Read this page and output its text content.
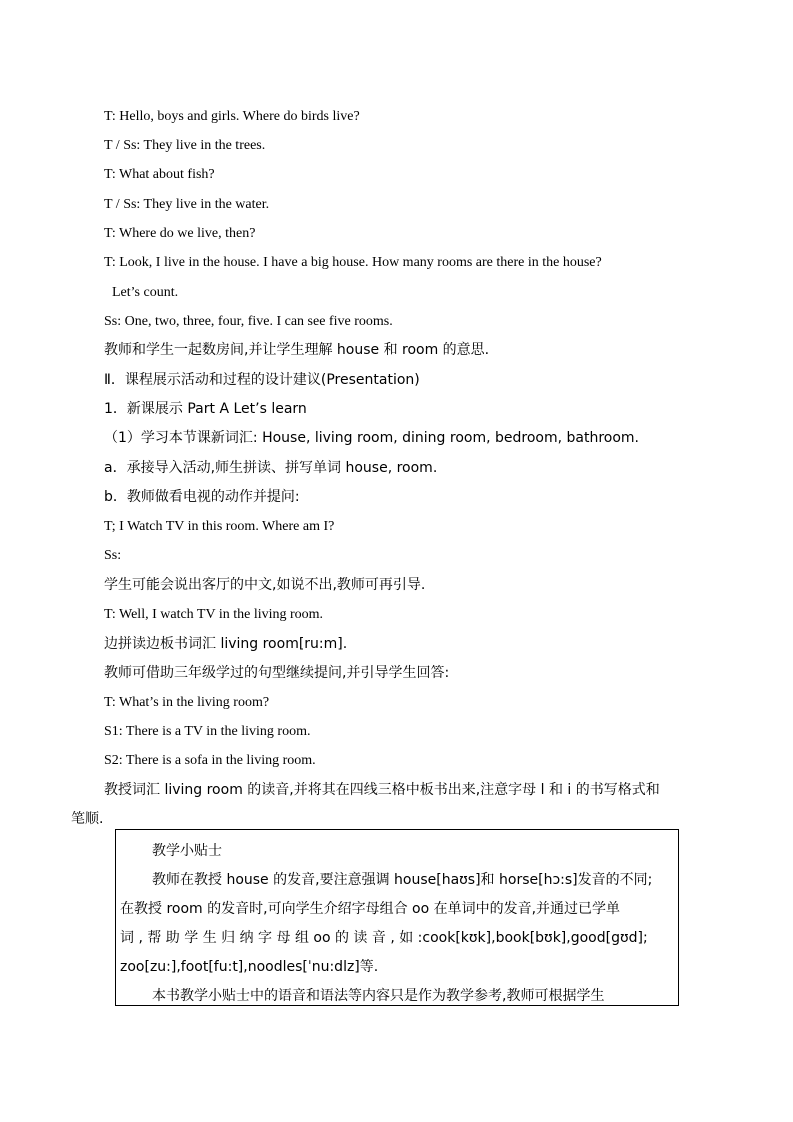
T: Hello, boys and girls. Where do birds live?
T / Ss: They live in the trees.
T: What about fish?
T / Ss: They live in the water.
T: Where do we live, then?
T: Look, I live in the house. I have a big house. How many rooms are there in the house?
Let’s count.
Ss: One, two, three, four, five. I can see five rooms.
教师和学生一起数房间,并让学生理解 house 和 room 的意思.
Ⅱ．课程展示活动和过程的设计建议(Presentation)
1．新课展示 Part A Let’s learn
（1）学习本节课新词汇: House, living room, dining room, bedroom, bathroom.
a．承接导入活动,师生拼读、拼写单词 house, room.
b．教师做看电视的动作并提问:
T; I Watch TV in this room. Where am I?
Ss:
学生可能会说出客厅的中文,如说不出,教师可再引导.
T: Well, I watch TV in the living room.
边拼读边板书词汇 living room[ru:m].
教师可借助三年级学过的句型继续提问,并引导学生回答:
T: What’s in the living room?
S1: There is a TV in the living room.
S2: There is a sofa in the living room.
教授词汇 living room 的读音,并将其在四线三格中板书出来,注意字母 l 和 i 的书写格式和
笔顺.
教学小贴士
教师在教授 house 的发音,要注意强调 house[haʊs]和 horse[hɔ:s]发音的不同;
在教授 room 的发音时,可向学生介绍字母组合 oo 在单词中的发音,并通过已学单
词 , 帮 助 学 生 归 纳 字 母 组 oo 的 读 音 , 如 :cook[kʊk],book[bʊk],good[gʊd];
zoo[zu:],foot[fu:t],noodles[ˈnu:dlz]等.
本书教学小贴士中的语音和语法等内容只是作为教学参考,教师可根据学生
